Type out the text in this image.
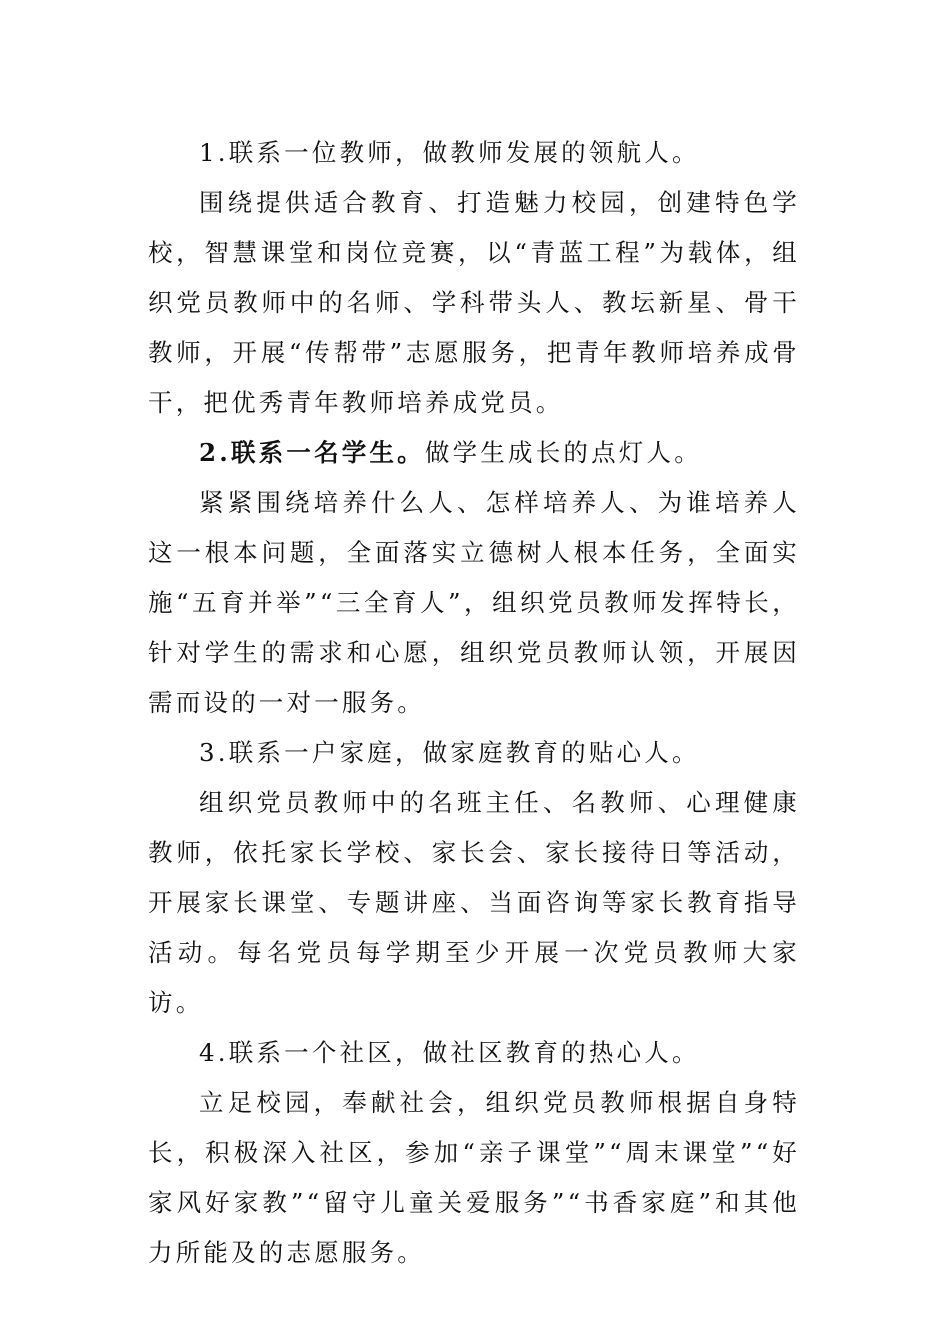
1.联系一位教师，做教师发展的领航人。

围绕提供适合教育、打造魅力校园，创建特色学校，智慧课堂和岗位竞赛，以“青蓝工程”为载体，组织党员教师中的名师、学科带头人、教坛新星、骨干教师，开展“传帮带”志愿服务，把青年教师培养成骨干，把优秀青年教师培养成党员。

2.联系一名学生。做学生成长的点灯人。

紧紧围绕培养什么人、怎样培养人、为谁培养人这一根本问题，全面落实立德树人根本任务，全面实施“五育并举”“三全育人”，组织党员教师发挥特长，针对学生的需求和心愿，组织党员教师认领，开展因需而设的一对一服务。

3.联系一户家庭，做家庭教育的贴心人。

组织党员教师中的名班主任、名教师、心理健康教师，依托家长学校、家长会、家长接待日等活动，开展家长课堂、专题讲座、当面咨询等家长教育指导活动。每名党员每学期至少开展一次党员教师大家访。

4.联系一个社区，做社区教育的热心人。

立足校园，奉献社会，组织党员教师根据自身特长，积极深入社区，参加“亲子课堂”“周末课堂”“好家风好家教”“留守儿童关爱服务”“书香家庭”和其他力所能及的志愿服务。
